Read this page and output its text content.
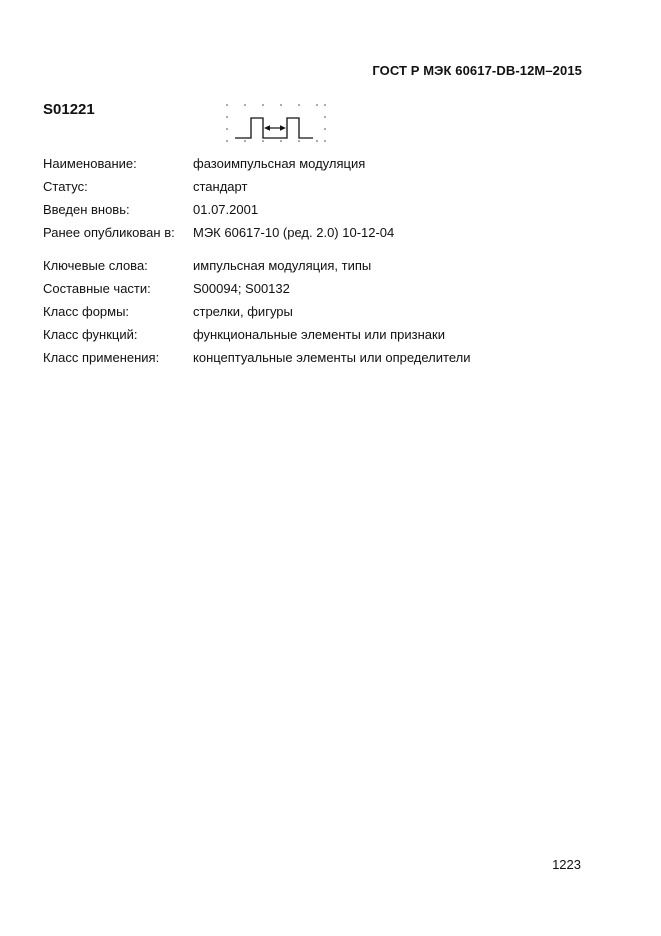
ГОСТ Р МЭК 60617-DB-12M–2015
S01221
Наименование:	фазоимпульсная модуляция
Статус:	стандарт
Введен вновь:	01.07.2001
Ранее опубликован в:	МЭК 60617-10 (ред. 2.0) 10-12-04
Ключевые слова:	импульсная модуляция, типы
Составные части:	S00094; S00132
Класс формы:	стрелки, фигуры
Класс функций:	функциональные элементы или признаки
Класс применения:	концептуальные элементы или определители
1223
